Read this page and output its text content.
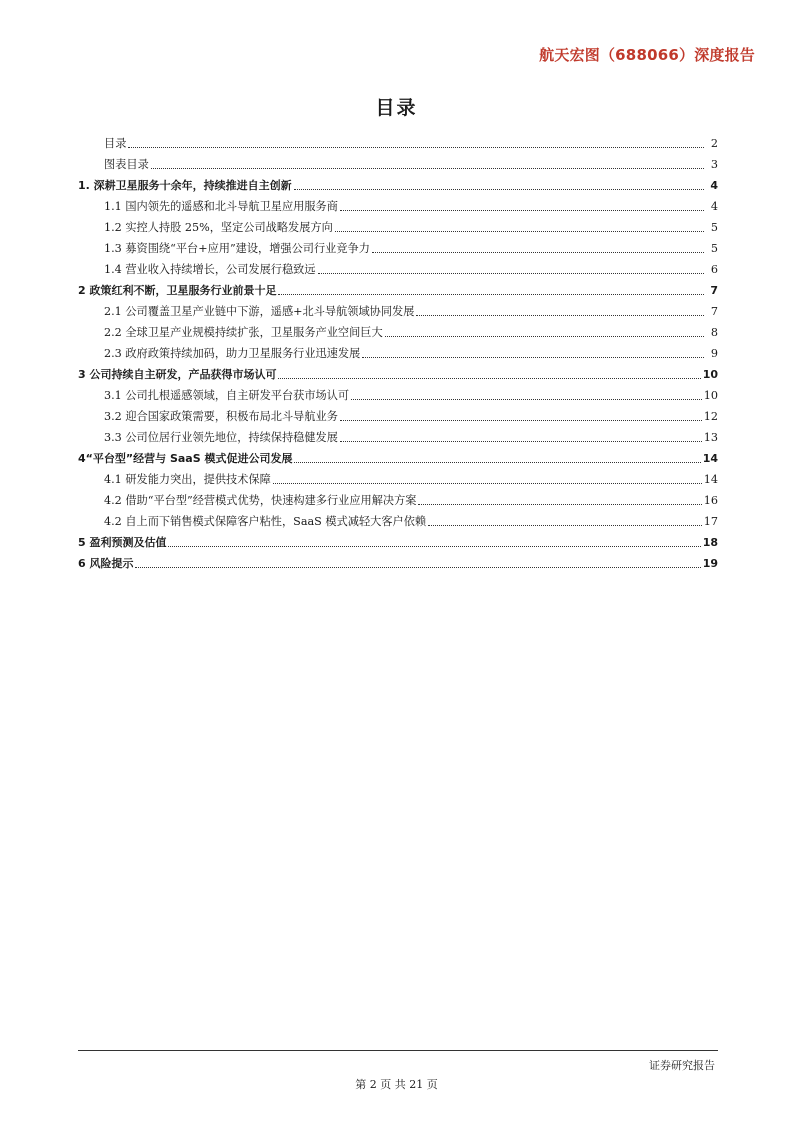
航天宏图（688066）深度报告
目录
目录	2
图表目录	3
1. 深耕卫星服务十余年，持续推进自主创新	4
1.1 国内领先的遥感和北斗导航卫星应用服务商	4
1.2 实控人持股 25%，坚定公司战略发展方向	5
1.3 募资围绕“平台+应用”建设，增强公司行业竞争力	5
1.4 营业收入持续增长，公司发展行稳致远	6
2 政策红利不断，卫星服务行业前景十足	7
2.1 公司覆盖卫星产业链中下游，遥感+北斗导航领域协同发展	7
2.2 全球卫星产业规模持续扩张，卫星服务产业空间巨大	8
2.3 政府政策持续加码，助力卫星服务行业迅速发展	9
3 公司持续自主研发，产品获得市场认可	10
3.1 公司扎根遥感领域，自主研发平台获市场认可	10
3.2 迎合国家政策需要，积极布局北斗导航业务	12
3.3 公司位居行业领先地位，持续保持稳健发展	13
4“平台型”经营与 SaaS 模式促进公司发展	14
4.1 研发能力突出，提供技术保障	14
4.2 借助“平台型”经营模式优势，快速构建多行业应用解决方案	16
4.2 自上而下销售模式保障客户粘性，SaaS 模式减轻大客户依赖	17
5 盈利预测及估值	18
6 风险提示	19
证券研究报告
第 2 页 共 21 页
